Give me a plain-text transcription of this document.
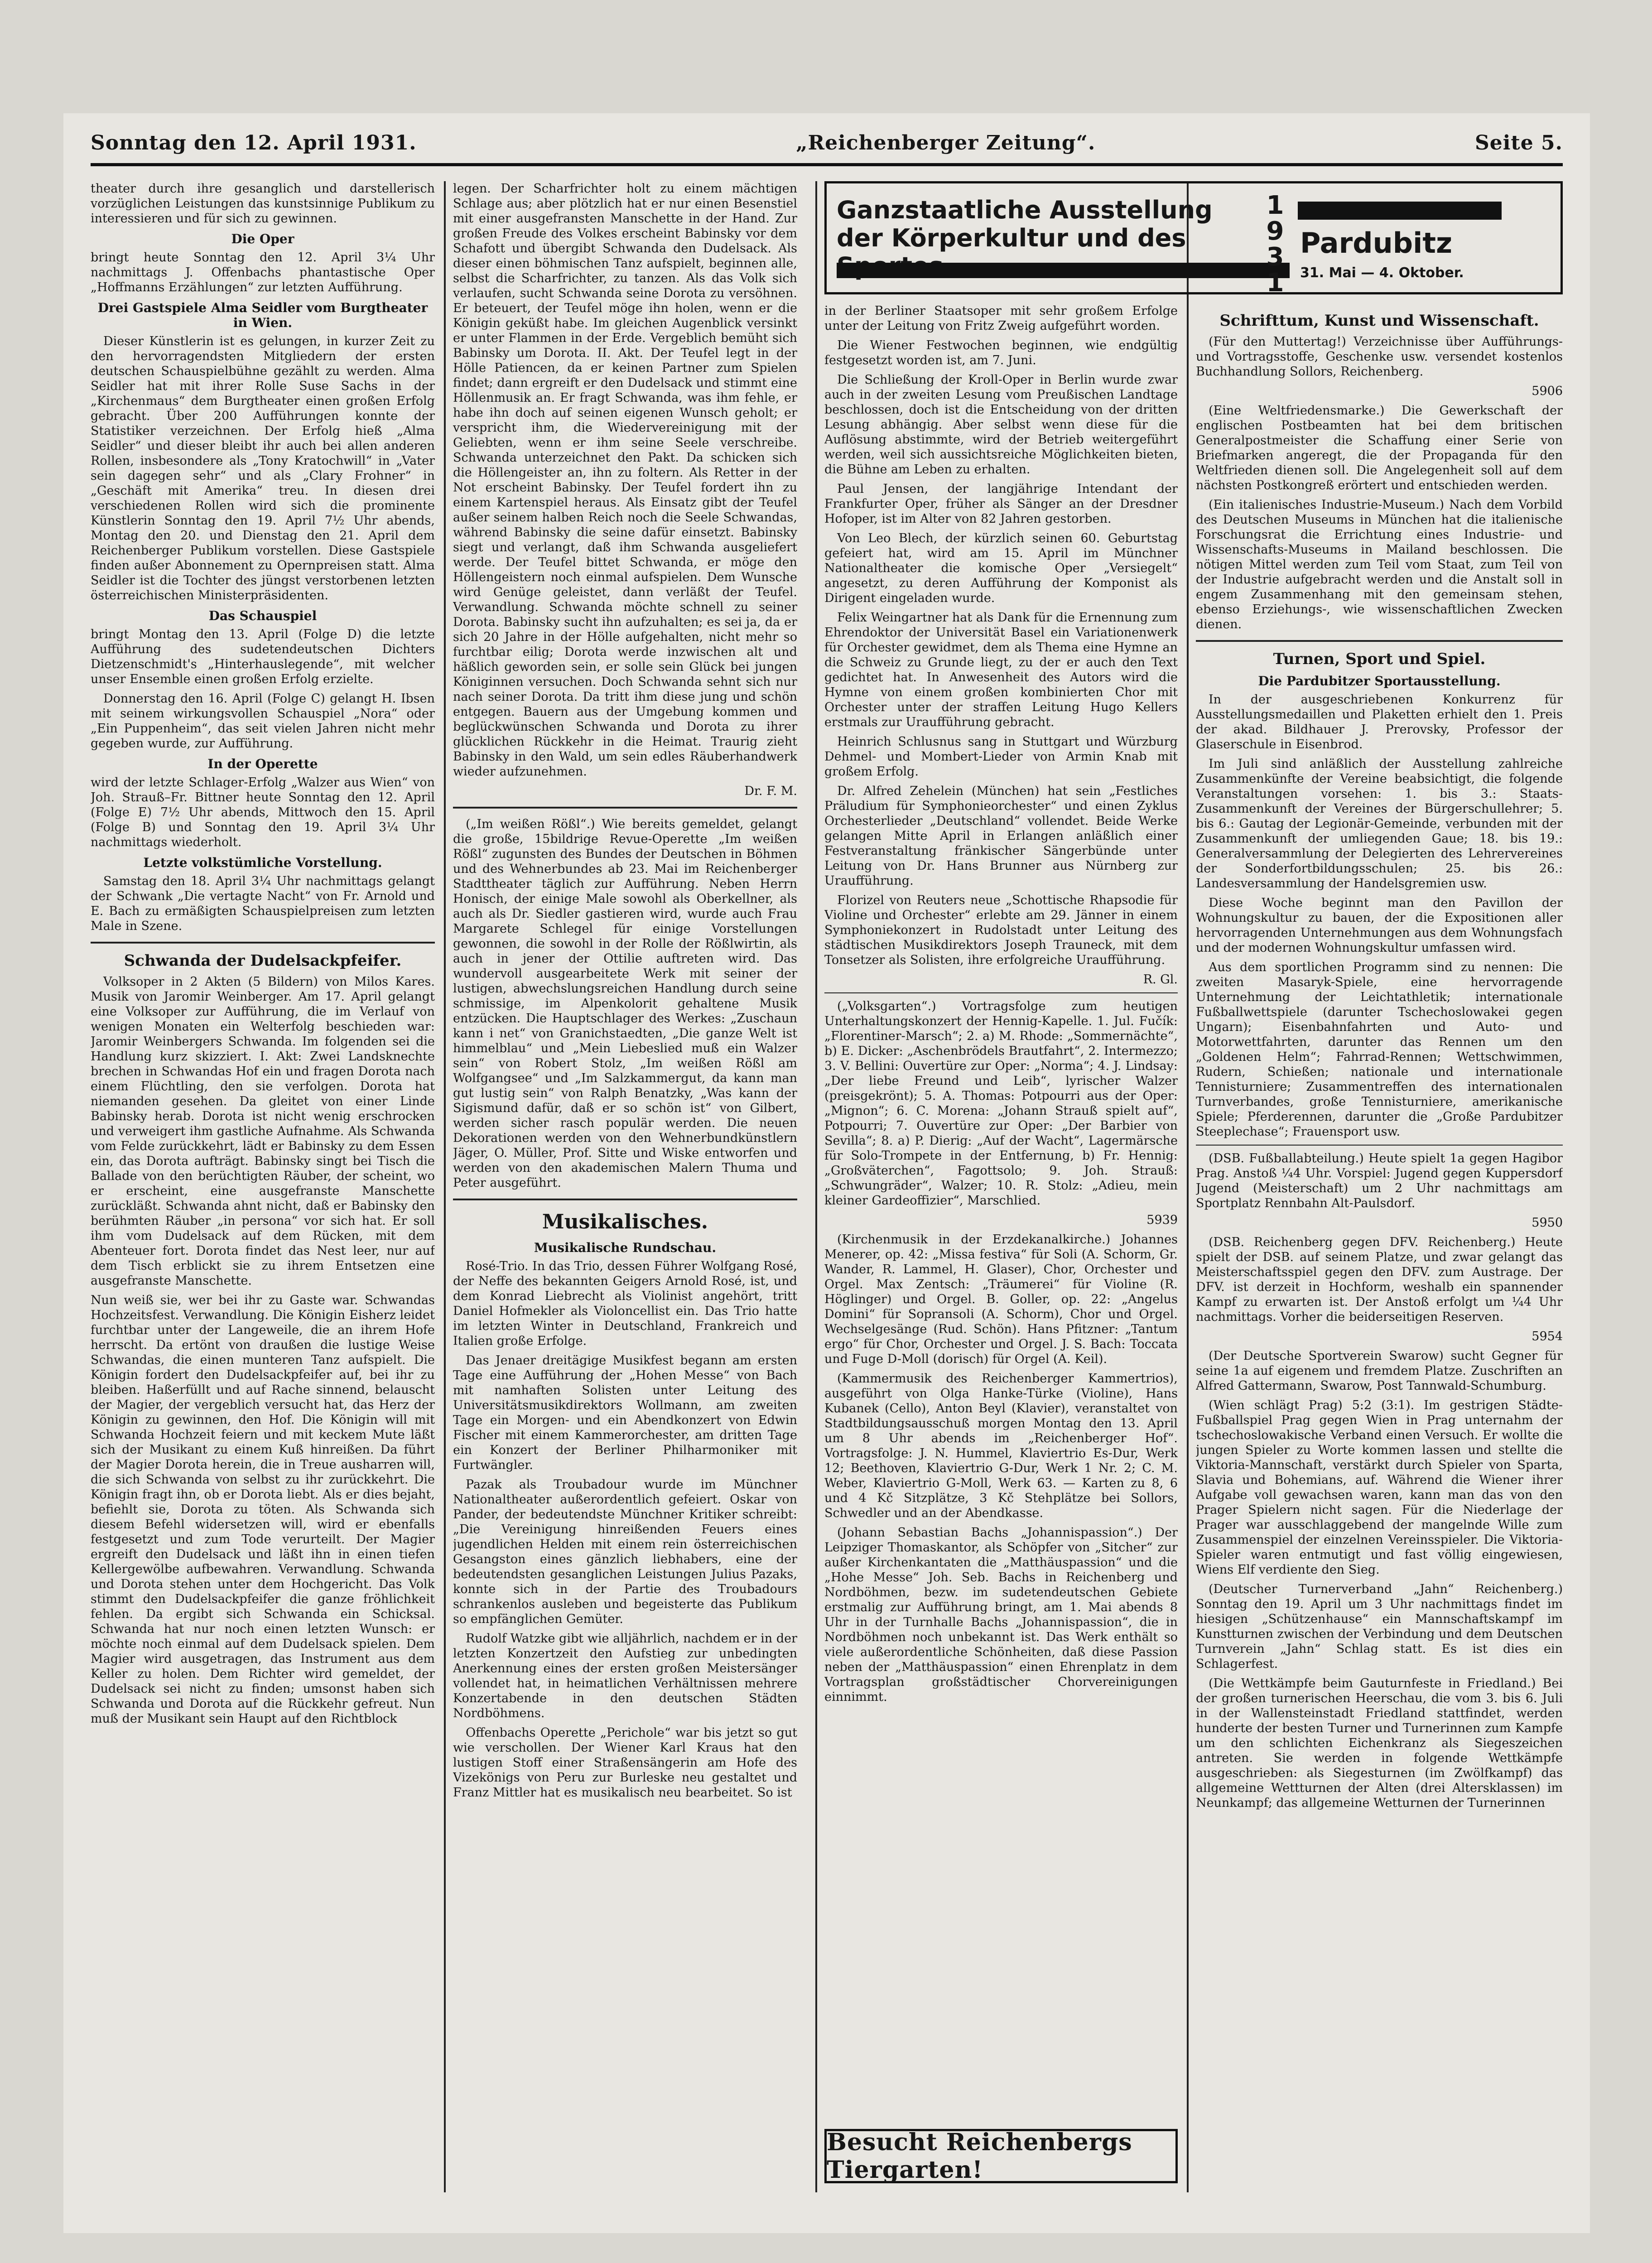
Sonntag den 12. April 1931.	„Reichenberger Zeitung“.	Seite 5.

theater durch ihre gesanglich und darstellerisch vorzüglichen Leistungen das kunstsinnige Publikum zu interessieren und für sich zu gewinnen.

Die Oper

bringt heute Sonntag den 12. April 3¼ Uhr nachmittags J. Offenbachs phantastische Oper „Hoffmanns Erzählungen“ zur letzten Aufführung.

Drei Gastspiele Alma Seidler vom Burgtheater in Wien.

Dieser Künstlerin ist es gelungen, in kurzer Zeit zu den hervorragendsten Mitgliedern der ersten deutschen Schauspielbühne gezählt zu werden. Alma Seidler hat mit ihrer Rolle Suse Sachs in der „Kirchenmaus“ dem Burgtheater einen großen Erfolg gebracht. Über 200 Aufführungen konnte der Statistiker verzeichnen. Der Erfolg hieß „Alma Seidler“ und dieser bleibt ihr auch bei allen anderen Rollen, insbesondere als „Tony Kratochwill“ in „Vater sein dagegen sehr“ und als „Clary Frohner“ in „Geschäft mit Amerika“ treu. In diesen drei verschiedenen Rollen wird sich die prominente Künstlerin Sonntag den 19. April 7½ Uhr abends, Montag den 20. und Dienstag den 21. April dem Reichenberger Publikum vorstellen. Diese Gastspiele finden außer Abonnement zu Opernpreisen statt. Alma Seidler ist die Tochter des jüngst verstorbenen letzten österreichischen Ministerpräsidenten.

Das Schauspiel

bringt Montag den 13. April (Folge D) die letzte Aufführung des sudetendeutschen Dichters Dietzenschmidt's „Hinterhauslegende“, mit welcher unser Ensemble einen großen Erfolg erzielte.

Donnerstag den 16. April (Folge C) gelangt H. Ibsen mit seinem wirkungsvollen Schauspiel „Nora“ oder „Ein Puppenheim“, das seit vielen Jahren nicht mehr gegeben wurde, zur Aufführung.

In der Operette

wird der letzte Schlager-Erfolg „Walzer aus Wien“ von Joh. Strauß–Fr. Bittner heute Sonntag den 12. April (Folge E) 7½ Uhr abends, Mittwoch den 15. April (Folge B) und Sonntag den 19. April 3¼ Uhr nachmittags wiederholt.

Letzte volkstümliche Vorstellung.

Samstag den 18. April 3¼ Uhr nachmittags gelangt der Schwank „Die vertagte Nacht“ von Fr. Arnold und E. Bach zu ermäßigten Schauspielpreisen zum letzten Male in Szene.

Schwanda der Dudelsackpfeifer.

Volksoper in 2 Akten (5 Bildern) von Milos Kares. Musik von Jaromir Weinberger. Am 17. April gelangt eine Volksoper zur Aufführung, die im Verlauf von wenigen Monaten ein Welterfolg beschieden war: Jaromir Weinbergers Schwanda. Im folgenden sei die Handlung kurz skizziert. I. Akt: Zwei Landsknechte brechen in Schwandas Hof ein und fragen Dorota nach einem Flüchtling, den sie verfolgen. Dorota hat niemanden gesehen. Da gleitet von einer Linde Babinsky herab. Dorota ist nicht wenig erschrocken und verweigert ihm gastliche Aufnahme. Als Schwanda vom Felde zurückkehrt, lädt er Babinsky zu dem Essen ein, das Dorota aufträgt. Babinsky singt bei Tisch die Ballade von den berüchtigten Räuber, der scheint, wo er erscheint, eine ausgefranste Manschette zurückläßt. Schwanda ahnt nicht, daß er Babinsky den berühmten Räuber „in persona“ vor sich hat. Er soll ihm vom Dudelsack auf dem Rücken, mit dem Abenteuer fort. Dorota findet das Nest leer, nur auf dem Tisch erblickt sie zu ihrem Entsetzen eine ausgefranste Manschette.

Nun weiß sie, wer bei ihr zu Gaste war. Schwandas Hochzeitsfest. Verwandlung. Die Königin Eisherz leidet furchtbar unter der Langeweile, die an ihrem Hofe herrscht. Da ertönt von draußen die lustige Weise Schwandas, die einen munteren Tanz aufspielt. Die Königin fordert den Dudelsackpfeifer auf, bei ihr zu bleiben. Haßerfüllt und auf Rache sinnend, belauscht der Magier, der vergeblich versucht hat, das Herz der Königin zu gewinnen, den Hof. Die Königin will mit Schwanda Hochzeit feiern und mit keckem Mute läßt sich der Musikant zu einem Kuß hinreißen. Da führt der Magier Dorota herein, die in Treue ausharren will, die sich Schwanda von selbst zu ihr zurückkehrt. Die Königin fragt ihn, ob er Dorota liebt. Als er dies bejaht, befiehlt sie, Dorota zu töten. Als Schwanda sich diesem Befehl widersetzen will, wird er ebenfalls festgesetzt und zum Tode verurteilt. Der Magier ergreift den Dudelsack und läßt ihn in einen tiefen Kellergewölbe aufbewahren. Verwandlung. Schwanda und Dorota stehen unter dem Hochgericht. Das Volk stimmt den Dudelsackpfeifer die ganze fröhlichkeit fehlen. Da ergibt sich Schwanda ein Schicksal. Schwanda hat nur noch einen letzten Wunsch: er möchte noch einmal auf dem Dudelsack spielen. Dem Magier wird ausgetragen, das Instrument aus dem Keller zu holen. Dem Richter wird gemeldet, der Dudelsack sei nicht zu finden; umsonst haben sich Schwanda und Dorota auf die Rückkehr gefreut. Nun muß der Musikant sein Haupt auf den Richtblock

legen. Der Scharfrichter holt zu einem mächtigen Schlage aus; aber plötzlich hat er nur einen Besenstiel mit einer ausgefransten Manschette in der Hand. Zur großen Freude des Volkes erscheint Babinsky vor dem Schafott und übergibt Schwanda den Dudelsack. Als dieser einen böhmischen Tanz aufspielt, beginnen alle, selbst die Scharfrichter, zu tanzen. Als das Volk sich verlaufen, sucht Schwanda seine Dorota zu versöhnen. Er beteuert, der Teufel möge ihn holen, wenn er die Königin geküßt habe. Im gleichen Augenblick versinkt er unter Flammen in der Erde. Vergeblich bemüht sich Babinsky um Dorota. II. Akt. Der Teufel legt in der Hölle Patiencen, da er keinen Partner zum Spielen findet; dann ergreift er den Dudelsack und stimmt eine Höllenmusik an. Er fragt Schwanda, was ihm fehle, er habe ihn doch auf seinen eigenen Wunsch geholt; er verspricht ihm, die Wiedervereinigung mit der Geliebten, wenn er ihm seine Seele verschreibe. Schwanda unterzeichnet den Pakt. Da schicken sich die Höllengeister an, ihn zu foltern. Als Retter in der Not erscheint Babinsky. Der Teufel fordert ihn zu einem Kartenspiel heraus. Als Einsatz gibt der Teufel außer seinem halben Reich noch die Seele Schwandas, während Babinsky die seine dafür einsetzt. Babinsky siegt und verlangt, daß ihm Schwanda ausgeliefert werde. Der Teufel bittet Schwanda, er möge den Höllengeistern noch einmal aufspielen. Dem Wunsche wird Genüge geleistet, dann verläßt der Teufel. Verwandlung. Schwanda möchte schnell zu seiner Dorota. Babinsky sucht ihn aufzuhalten; es sei ja, da er sich 20 Jahre in der Hölle aufgehalten, nicht mehr so furchtbar eilig; Dorota werde inzwischen alt und häßlich geworden sein, er solle sein Glück bei jungen Königinnen versuchen. Doch Schwanda sehnt sich nur nach seiner Dorota. Da tritt ihm diese jung und schön entgegen. Bauern aus der Umgebung kommen und beglückwünschen Schwanda und Dorota zu ihrer glücklichen Rückkehr in die Heimat. Traurig zieht Babinsky in den Wald, um sein edles Räuberhandwerk wieder aufzunehmen.

Dr. F. M.

(„Im weißen Rößl“.) Wie bereits gemeldet, gelangt die große, 15bildrige Revue-Operette „Im weißen Rößl“ zugunsten des Bundes der Deutschen in Böhmen und des Wehnerbundes ab 23. Mai im Reichenberger Stadttheater täglich zur Aufführung. Neben Herrn Honisch, der einige Male sowohl als Oberkellner, als auch als Dr. Siedler gastieren wird, wurde auch Frau Margarete Schlegel für einige Vorstellungen gewonnen, die sowohl in der Rolle der Rößlwirtin, als auch in jener der Ottilie auftreten wird. Das wundervoll ausgearbeitete Werk mit seiner der lustigen, abwechslungsreichen Handlung durch seine schmissige, im Alpenkolorit gehaltene Musik entzücken. Die Hauptschlager des Werkes: „Zuschaun kann i net“ von Granichstaedten, „Die ganze Welt ist himmelblau“ und „Mein Liebeslied muß ein Walzer sein“ von Robert Stolz, „Im weißen Rößl am Wolfgangsee“ und „Im Salzkammergut, da kann man gut lustig sein“ von Ralph Benatzky, „Was kann der Sigismund dafür, daß er so schön ist“ von Gilbert, werden sicher rasch populär werden. Die neuen Dekorationen werden von den Wehnerbundkünstlern Jäger, O. Müller, Prof. Sitte und Wiske entworfen und werden von den akademischen Malern Thuma und Peter ausgeführt.

Musikalisches.
Musikalische Rundschau.

Rosé-Trio. In das Trio, dessen Führer Wolfgang Rosé, der Neffe des bekannten Geigers Arnold Rosé, ist, und dem Konrad Liebrecht als Violinist angehört, tritt Daniel Hofmekler als Violoncellist ein. Das Trio hatte im letzten Winter in Deutschland, Frankreich und Italien große Erfolge.

Das Jenaer dreitägige Musikfest begann am ersten Tage eine Aufführung der „Hohen Messe“ von Bach mit namhaften Solisten unter Leitung des Universitätsmusikdirektors Wollmann, am zweiten Tage ein Morgen- und ein Abendkonzert von Edwin Fischer mit einem Kammerorchester, am dritten Tage ein Konzert der Berliner Philharmoniker mit Furtwängler.

Pazak als Troubadour wurde im Münchner Nationaltheater außerordentlich gefeiert. Oskar von Pander, der bedeutendste Münchner Kritiker schreibt: „Die Vereinigung hinreißenden Feuers eines jugendlichen Helden mit einem rein österreichischen Gesangston eines gänzlich liebhabers, eine der bedeutendsten gesanglichen Leistungen Julius Pazaks, konnte sich in der Partie des Troubadours schrankenlos ausleben und begeisterte das Publikum so empfänglichen Gemüter.

Rudolf Watzke gibt wie alljährlich, nachdem er in der letzten Konzertzeit den Aufstieg zur unbedingten Anerkennung eines der ersten großen Meistersänger vollendet hat, in heimatlichen Verhältnissen mehrere Konzertabende in den deutschen Städten Nordböhmens.

Offenbachs Operette „Perichole“ war bis jetzt so gut wie verschollen. Der Wiener Karl Kraus hat den lustigen Stoff einer Straßensängerin am Hofe des Vizekönigs von Peru zur Burleske neu gestaltet und Franz Mittler hat es musikalisch neu bearbeitet. So ist

in der Berliner Staatsoper mit sehr großem Erfolge unter der Leitung von Fritz Zweig aufgeführt worden.

Die Wiener Festwochen beginnen, wie endgültig festgesetzt worden ist, am 7. Juni.

Die Schließung der Kroll-Oper in Berlin wurde zwar auch in der zweiten Lesung vom Preußischen Landtage beschlossen, doch ist die Entscheidung von der dritten Lesung abhängig. Aber selbst wenn diese für die Auflösung abstimmte, wird der Betrieb weitergeführt werden, weil sich aussichtsreiche Möglichkeiten bieten, die Bühne am Leben zu erhalten.

Paul Jensen, der langjährige Intendant der Frankfurter Oper, früher als Sänger an der Dresdner Hofoper, ist im Alter von 82 Jahren gestorben.

Von Leo Blech, der kürzlich seinen 60. Geburtstag gefeiert hat, wird am 15. April im Münchner Nationaltheater die komische Oper „Versiegelt“ angesetzt, zu deren Aufführung der Komponist als Dirigent eingeladen wurde.

Felix Weingartner hat als Dank für die Ernennung zum Ehrendoktor der Universität Basel ein Variationenwerk für Orchester gewidmet, dem als Thema eine Hymne an die Schweiz zu Grunde liegt, zu der er auch den Text gedichtet hat. In Anwesenheit des Autors wird die Hymne von einem großen kombinierten Chor mit Orchester unter der straffen Leitung Hugo Kellers erstmals zur Uraufführung gebracht.

Heinrich Schlusnus sang in Stuttgart und Würzburg Dehmel- und Mombert-Lieder von Armin Knab mit großem Erfolg.

Dr. Alfred Zehelein (München) hat sein „Festliches Präludium für Symphonieorchester“ und einen Zyklus Orchesterlieder „Deutschland“ vollendet. Beide Werke gelangen Mitte April in Erlangen anläßlich einer Festveranstaltung fränkischer Sängerbünde unter Leitung von Dr. Hans Brunner aus Nürnberg zur Uraufführung.

Florizel von Reuters neue „Schottische Rhapsodie für Violine und Orchester“ erlebte am 29. Jänner in einem Symphoniekonzert in Rudolstadt unter Leitung des städtischen Musikdirektors Joseph Trauneck, mit dem Tonsetzer als Solisten, ihre erfolgreiche Uraufführung.

R. Gl.

(„Volksgarten“.) Vortragsfolge zum heutigen Unterhaltungskonzert der Hennig-Kapelle. 1. Jul. Fučík: „Florentiner-Marsch“; 2. a) M. Rhode: „Sommernächte“, b) E. Dicker: „Aschenbrödels Brautfahrt“, 2. Intermezzo; 3. V. Bellini: Ouvertüre zur Oper: „Norma“; 4. J. Lindsay: „Der liebe Freund und Leib“, lyrischer Walzer (preisgekrönt); 5. A. Thomas: Potpourri aus der Oper: „Mignon“; 6. C. Morena: „Johann Strauß spielt auf“, Potpourri; 7. Ouvertüre zur Oper: „Der Barbier von Sevilla“; 8. a) P. Dierig: „Auf der Wacht“, Lagermärsche für Solo-Trompete in der Entfernung, b) Fr. Hennig: „Großväterchen“, Fagottsolo; 9. Joh. Strauß: „Schwungräder“, Walzer; 10. R. Stolz: „Adieu, mein kleiner Gardeoffizier“, Marschlied.

5939

(Kirchenmusik in der Erzdekanalkirche.) Johannes Menerer, op. 42: „Missa festiva“ für Soli (A. Schorm, Gr. Wander, R. Lammel, H. Glaser), Chor, Orchester und Orgel. Max Zentsch: „Träumerei“ für Violine (R. Höglinger) und Orgel. B. Goller, op. 22: „Angelus Domini“ für Sopransoli (A. Schorm), Chor und Orgel. Wechselgesänge (Rud. Schön). Hans Pfitzner: „Tantum ergo“ für Chor, Orchester und Orgel. J. S. Bach: Toccata und Fuge D-Moll (dorisch) für Orgel (A. Keil).

(Kammermusik des Reichenberger Kammertrios), ausgeführt von Olga Hanke-Türke (Violine), Hans Kubanek (Cello), Anton Beyl (Klavier), veranstaltet von Stadtbildungsausschuß morgen Montag den 13. April um 8 Uhr abends im „Reichenberger Hof“. Vortragsfolge: J. N. Hummel, Klaviertrio Es-Dur, Werk 12; Beethoven, Klaviertrio G-Dur, Werk 1 Nr. 2; C. M. Weber, Klaviertrio G-Moll, Werk 63. — Karten zu 8, 6 und 4 Kč Sitzplätze, 3 Kč Stehplätze bei Sollors, Schwedler und an der Abendkasse.

(Johann Sebastian Bachs „Johannispassion“.) Der Leipziger Thomaskantor, als Schöpfer von „Sitcher“ zur außer Kirchenkantaten die „Matthäuspassion“ und die „Hohe Messe“ Joh. Seb. Bachs in Reichenberg und Nordböhmen, bezw. im sudetendeutschen Gebiete erstmalig zur Aufführung bringt, am 1. Mai abends 8 Uhr in der Turnhalle Bachs „Johannispassion“, die in Nordböhmen noch unbekannt ist. Das Werk enthält so viele außerordentliche Schönheiten, daß diese Passion neben der „Matthäuspassion“ einen Ehrenplatz in dem Vortragsplan großstädtischer Chorvereinigungen einnimmt.

Ganzstaatliche Ausstellung der Körperkultur und des
1
9
3
1
Pardubitz
31. Mai — 4. Oktober.
Besucht Reichenbergs Tiergarten!
Schrifttum, Kunst und Wissenschaft.

(Für den Muttertag!) Verzeichnisse über Aufführungs- und Vortragsstoffe, Geschenke usw. versendet kostenlos Buchhandlung Sollors, Reichenberg.

5906

(Eine Weltfriedensmarke.) Die Gewerkschaft der englischen Postbeamten hat bei dem britischen Generalpostmeister die Schaffung einer Serie von Briefmarken angeregt, die der Propaganda für den Weltfrieden dienen soll. Die Angelegenheit soll auf dem nächsten Postkongreß erörtert und entschieden werden.

(Ein italienisches Industrie-Museum.) Nach dem Vorbild des Deutschen Museums in München hat die italienische Forschungsrat die Errichtung eines Industrie- und Wissenschafts-Museums in Mailand beschlossen. Die nötigen Mittel werden zum Teil vom Staat, zum Teil von der Industrie aufgebracht werden und die Anstalt soll in engem Zusammenhang mit den gemeinsam stehen, ebenso Erziehungs-, wie wissenschaftlichen Zwecken dienen.

Turnen, Sport und Spiel.
Die Pardubitzer Sportausstellung.

In der ausgeschriebenen Konkurrenz für Ausstellungsmedaillen und Plaketten erhielt den 1. Preis der akad. Bildhauer J. Prerovsky, Professor der Glaserschule in Eisenbrod.

Im Juli sind anläßlich der Ausstellung zahlreiche Zusammenkünfte der Vereine beabsichtigt, die folgende Veranstaltungen vorsehen: 1. bis 3.: Staats-Zusammenkunft der Vereines der Bürgerschullehrer; 5. bis 6.: Gautag der Legionär-Gemeinde, verbunden mit der Zusammenkunft der umliegenden Gaue; 18. bis 19.: Generalversammlung der Delegierten des Lehrervereines der Sonderfortbildungsschulen; 25. bis 26.: Landesversammlung der Handelsgremien usw.

Diese Woche beginnt man den Pavillon der Wohnungskultur zu bauen, der die Expositionen aller hervorragenden Unternehmungen aus dem Wohnungsfach und der modernen Wohnungskultur umfassen wird.

Aus dem sportlichen Programm sind zu nennen: Die zweiten Masaryk-Spiele, eine hervorragende Unternehmung der Leichtathletik; internationale Fußballwettspiele (darunter Tschechoslowakei gegen Ungarn); Eisenbahnfahrten und Auto- und Motorwettfahrten, darunter das Rennen um den „Goldenen Helm“; Fahrrad-Rennen; Wettschwimmen, Rudern, Schießen; nationale und internationale Tennisturniere; Zusammentreffen des internationalen Turnverbandes, große Tennisturniere, amerikanische Spiele; Pferderennen, darunter die „Große Pardubitzer Steeplechase“; Frauensport usw.

(DSB. Fußballabteilung.) Heute spielt 1a gegen Hagibor Prag. Anstoß ¼4 Uhr. Vorspiel: Jugend gegen Kuppersdorf Jugend (Meisterschaft) um 2 Uhr nachmittags am Sportplatz Rennbahn Alt-Paulsdorf.

5950

(DSB. Reichenberg gegen DFV. Reichenberg.) Heute spielt der DSB. auf seinem Platze, und zwar gelangt das Meisterschaftsspiel gegen den DFV. zum Austrage. Der DFV. ist derzeit in Hochform, weshalb ein spannender Kampf zu erwarten ist. Der Anstoß erfolgt um ¼4 Uhr nachmittags. Vorher die beiderseitigen Reserven.

5954

(Der Deutsche Sportverein Swarow) sucht Gegner für seine 1a auf eigenem und fremdem Platze. Zuschriften an Alfred Gattermann, Swarow, Post Tannwald-Schumburg.

(Wien schlägt Prag) 5:2 (3:1). Im gestrigen Städte-Fußballspiel Prag gegen Wien in Prag unternahm der tschechoslowakische Verband einen Versuch. Er wollte die jungen Spieler zu Worte kommen lassen und stellte die Viktoria-Mannschaft, verstärkt durch Spieler von Sparta, Slavia und Bohemians, auf. Während die Wiener ihrer Aufgabe voll gewachsen waren, kann man das von den Prager Spielern nicht sagen. Für die Niederlage der Prager war ausschlaggebend der mangelnde Wille zum Zusammenspiel der einzelnen Vereinsspieler. Die Viktoria-Spieler waren entmutigt und fast völlig eingewiesen, Wiens Elf verdiente den Sieg.

(Deutscher Turnerverband „Jahn“ Reichenberg.) Sonntag den 19. April um 3 Uhr nachmittags findet im hiesigen „Schützenhause“ ein Mannschaftskampf im Kunstturnen zwischen der Verbindung und dem Deutschen Turnverein „Jahn“ Schlag statt. Es ist dies ein Schlagerfest.

(Die Wettkämpfe beim Gauturnfeste in Friedland.) Bei der großen turnerischen Heerschau, die vom 3. bis 6. Juli in der Wallensteinstadt Friedland stattfindet, werden hunderte der besten Turner und Turnerinnen zum Kampfe um den schlichten Eichenkranz als Siegeszeichen antreten. Sie werden in folgende Wettkämpfe ausgeschrieben: als Siegesturnen (im Zwölfkampf) das allgemeine Wettturnen der Alten (drei Altersklassen) im Neunkampf; das allgemeine Wetturnen der Turnerinnen
